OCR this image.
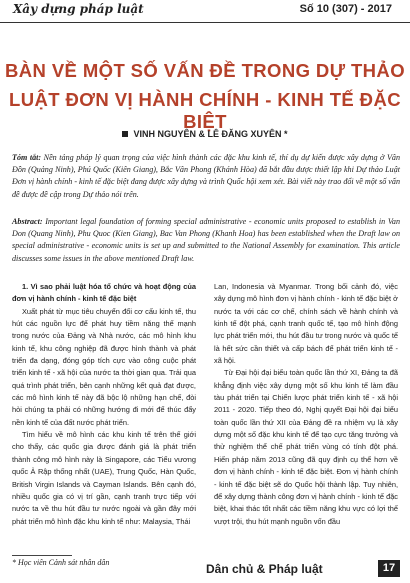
Xây dựng pháp luật	Số 10 (307) - 2017
BÀN VỀ MỘT SỐ VẤN ĐỀ TRONG DỰ THẢO
LUẬT ĐƠN VỊ HÀNH CHÍNH - KINH TẾ ĐẶC BIỆT
VINH NGUYÊN & LÊ ĐĂNG XUYÊN *
Tóm tắt: Nền tảng pháp lý quan trọng của việc hình thành các đặc khu kinh tế, thí dụ dự kiến được xây dựng ở Vân Đồn (Quảng Ninh), Phú Quốc (Kiên Giang), Bắc Vân Phong (Khánh Hòa) đã bắt đầu được thiết lập khi Dự thảo Luật Đơn vị hành chính - kinh tế đặc biệt đang được xây dựng và trình Quốc hội xem xét. Bài viết này trao đổi về một số vấn đề được đề cập trong Dự thảo nói trên.
Abstract: Important legal foundation of forming special administrative - economic units proposed to establish in Van Don (Quang Ninh), Phu Quoc (Kien Giang), Bac Van Phong (Khanh Hoa) has been established when the Draft law on special administrative - economic units is set up and submitted to the National Assembly for examination. This article discusses some issues in the above mentioned Draft law.

1. Vì sao phải luật hóa tổ chức và hoạt động của đơn vị hành chính - kinh tế đặc biệt

Xuất phát từ mục tiêu chuyển đổi cơ cấu kinh tế, thu hút các nguồn lực để phát huy tiềm năng thế mạnh trong nước của Đảng và Nhà nước, các mô hình khu kinh tế, khu công nghiệp đã được hình thành và phát triển đa dạng, đóng góp tích cực vào công cuộc phát triển kinh tế - xã hội của nước ta thời gian qua. Trải qua quá trình phát triển, bên cạnh những kết quả đạt được, các mô hình kinh tế này đã bộc lộ những hạn chế, đòi hỏi chúng ta phải có những hướng đi mới để thúc đẩy nền kinh tế của đất nước phát triển.

Tìm hiểu về mô hình các khu kinh tế trên thế giới cho thấy, các quốc gia được đánh giá là phát triển thành công mô hình này là Singapore, các Tiểu vương quốc Ả Rập thống nhất (UAE), Trung Quốc, Hàn Quốc, British Virgin Islands và Cayman Islands. Bên cạnh đó, nhiều quốc gia có vị trí gần, cạnh tranh trực tiếp với nước ta về thu hút đầu tư nước ngoài và gần đây mới phát triển mô hình đặc khu kinh tế như: Malaysia, Thái

Lan, Indonesia và Myanmar. Trong bối cảnh đó, việc xây dựng mô hình đơn vị hành chính - kinh tế đặc biệt ở nước ta với các cơ chế, chính sách về hành chính và kinh tế đột phá, cạnh tranh quốc tế, tạo mô hình động lực phát triển mới, thu hút đầu tư trong nước và quốc tế là hết sức cần thiết và cấp bách để phát triển kinh tế - xã hội.

Từ Đại hội đại biểu toàn quốc lần thứ XI, Đảng ta đã khẳng định việc xây dựng một số khu kinh tế làm đầu tàu phát triển tại Chiến lược phát triển kinh tế - xã hội 2011 - 2020. Tiếp theo đó, Nghị quyết Đại hội đại biểu toàn quốc lần thứ XII của Đảng đề ra nhiệm vụ là xây dựng một số đặc khu kinh tế để tạo cực tăng trưởng và thử nghiệm thể chế phát triển vùng có tính đột phá. Hiến pháp năm 2013 cũng đã quy định cụ thể hơn về đơn vị hành chính - kinh tế đặc biệt. Đơn vị hành chính - kinh tế đặc biệt sẽ do Quốc hội thành lập. Tuy nhiên, để xây dựng thành công đơn vị hành chính - kinh tế đặc biệt, khai thác tốt nhất các tiềm năng khu vực có lợi thế vượt trội, thu hút mạnh nguồn vốn đầu

* Học viên Cảnh sát nhân dân	Dân chủ & Pháp luật	17
